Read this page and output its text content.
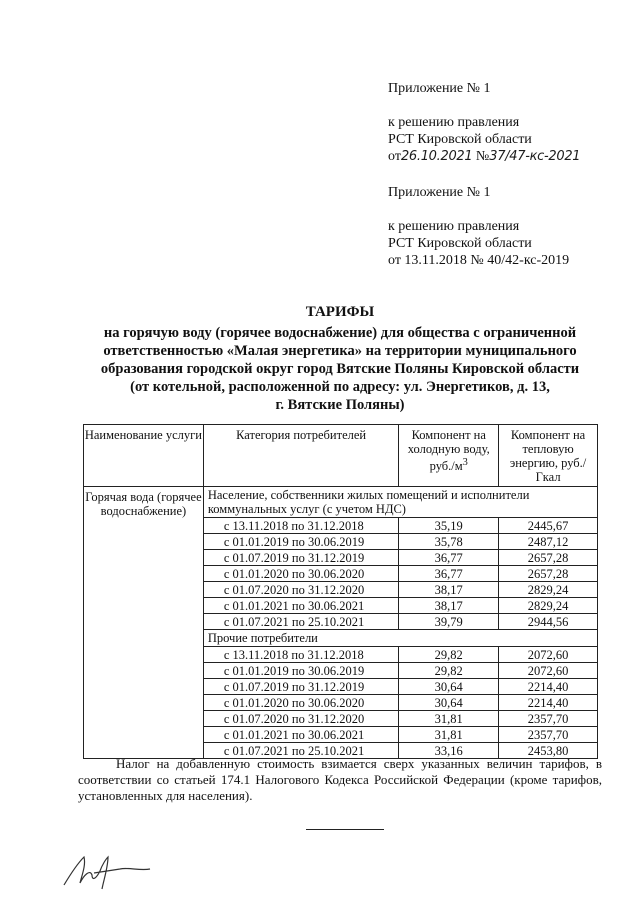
Приложение № 1
к решению правления
РСТ Кировской области
от26.10.2021 №37/47-кс-2021
Приложение № 1
к решению правления
РСТ Кировской области
от 13.11.2018 № 40/42-кс-2019
ТАРИФЫ
на горячую воду (горячее водоснабжение) для общества с ограниченной
ответственностью «Малая энергетика» на территории муниципального
образования городской округ город Вятские Поляны Кировской области
(от котельной, расположенной по адресу: ул. Энергетиков, д. 13,
г. Вятские Поляны)
Наименование услуги	Категория потребителей	Компонент на холодную воду, $руб./м^3$	Компонент на тепловую энергию, руб./Гкал
Горячая вода (горячее водоснабжение)	Население, собственники жилых помещений и исполнители коммунальных услуг (с учетом НДС)		
	с 13.11.2018 по 31.12.2018	35,19	2445,67
	с 01.01.2019 по 30.06.2019	35,78	2487,12
	с 01.07.2019 по 31.12.2019	36,77	2657,28
	с 01.01.2020 по 30.06.2020	36,77	2657,28
	с 01.07.2020 по 31.12.2020	38,17	2829,24
	с 01.01.2021 по 30.06.2021	38,17	2829,24
	с 01.07.2021 по 25.10.2021	39,79	2944,56
	Прочие потребители		
	с 13.11.2018 по 31.12.2018	29,82	2072,60
	с 01.01.2019 по 30.06.2019	29,82	2072,60
	с 01.07.2019 по 31.12.2019	30,64	2214,40
	с 01.01.2020 по 30.06.2020	30,64	2214,40
	с 01.07.2020 по 31.12.2020	31,81	2357,70
	с 01.01.2021 по 30.06.2021	31,81	2357,70
	с 01.07.2021 по 25.10.2021	33,16	2453,80
Налог на добавленную стоимость взимается сверх указанных величин тарифов, в соответствии со статьей 174.1 Налогового Кодекса Российской Федерации (кроме тарифов, установленных для населения).
